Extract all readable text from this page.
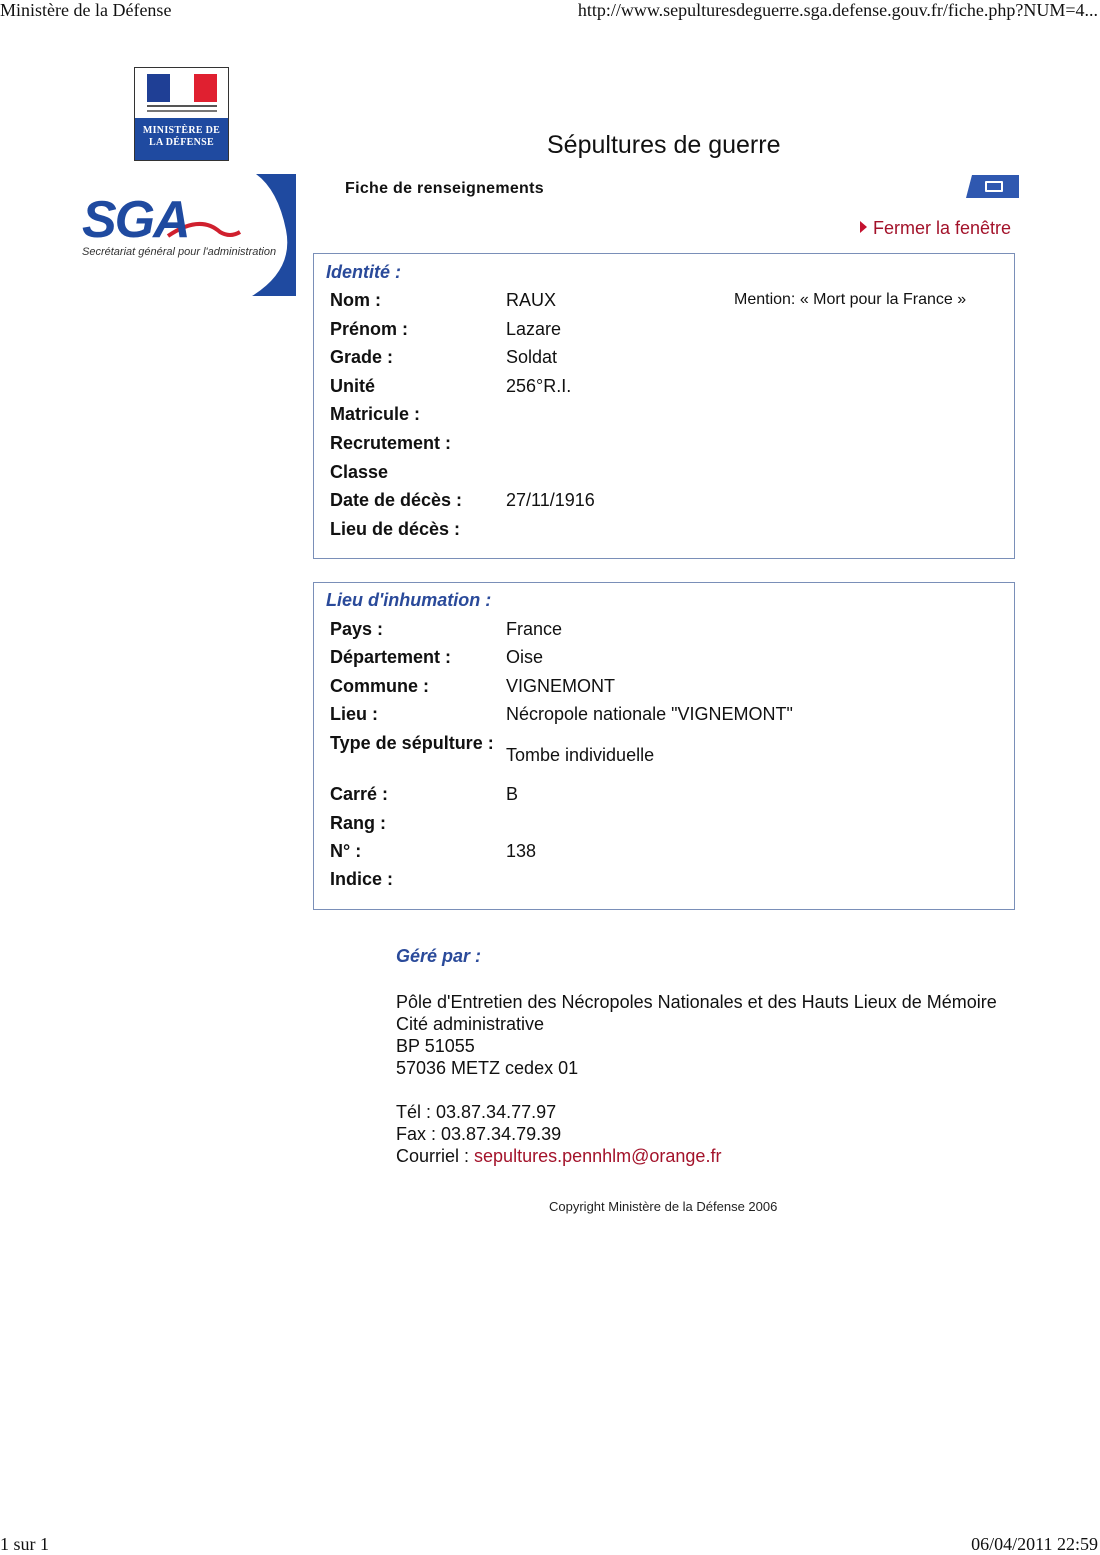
Ministère de la Défense	http://www.sepulturesdeguerre.sga.defense.gouv.fr/fiche.php?NUM=4...
MINISTÈRE DE LA DÉFENSE
SGA
Secrétariat général pour l'administration
Sépultures de guerre
Fiche de renseignements
Fermer la fenêtre
Identité :
Mention: « Mort pour la France »
Nom :	RAUX
Prénom :	Lazare
Grade :	Soldat
Unité	256°R.I.
Matricule :
Recrutement :
Classe
Date de décès :	27/11/1916
Lieu de décès :
Lieu d'inhumation :
Pays :	France
Département :	Oise
Commune :	VIGNEMONT
Lieu :	Nécropole nationale "VIGNEMONT"
Type de sépulture :
Tombe individuelle
Carré :	B
Rang :
N° :	138
Indice :
Géré par :
Pôle d'Entretien des Nécropoles Nationales et des Hauts Lieux de Mémoire
Cité administrative
BP 51055
57036 METZ cedex 01
Tél : 03.87.34.77.97
Fax : 03.87.34.79.39
Courriel : sepultures.pennhlm@orange.fr
Copyright Ministère de la Défense 2006
1 sur 1	06/04/2011 22:59
